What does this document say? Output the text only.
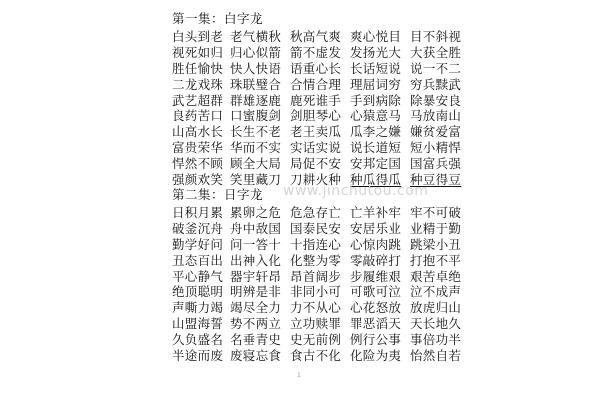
第一集：白字龙
白头到老 老气横秋 秋高气爽 爽心悦目 目不斜视
视死如归 归心似箭 箭不虚发 发扬光大 大获全胜
胜任愉快 快人快语 语重心长 长话短说 说一不二
二龙戏珠 珠联璧合 合情合理 理屈词穷 穷兵黩武
武艺超群 群雄逐鹿 鹿死谁手 手到病除 除暴安良
良药苦口 口蜜腹剑 剑胆琴心 心猿意马 马放南山
山高水长 长生不老 老王卖瓜 瓜李之嫌 嫌贫爱富
富贵荣华 华而不实 实话实说 说长道短 短小精悍
悍然不顾 顾全大局 局促不安 安邦定国 国富兵强
强颜欢笑 笑里藏刀 刀耕火种 种瓜得瓜 种豆得豆
www.jinchutou.com
第二集：日字龙
日积月累 累卵之危 危急存亡 亡羊补牢 牢不可破
破釜沉舟 舟中敌国 国泰民安 安居乐业 业精于勤
勤学好问 问一答十 十指连心 心惊肉跳 跳梁小丑
丑态百出 出神入化 化整为零 零敲碎打 打抱不平
平心静气 器宇轩昂 昂首阔步 步履维艰 艰苦卓绝
绝顶聪明 明辨是非 非同小可 可歌可泣 泣不成声
声嘶力竭 竭尽全力 力不从心 心花怒放 放虎归山
山盟海誓 势不两立 立功赎罪 罪恶滔天 天长地久
久负盛名 名垂青史 史无前例 例行公事 事倍功半
半途而废 废寝忘食 食古不化 化险为夷 怡然自若
1
